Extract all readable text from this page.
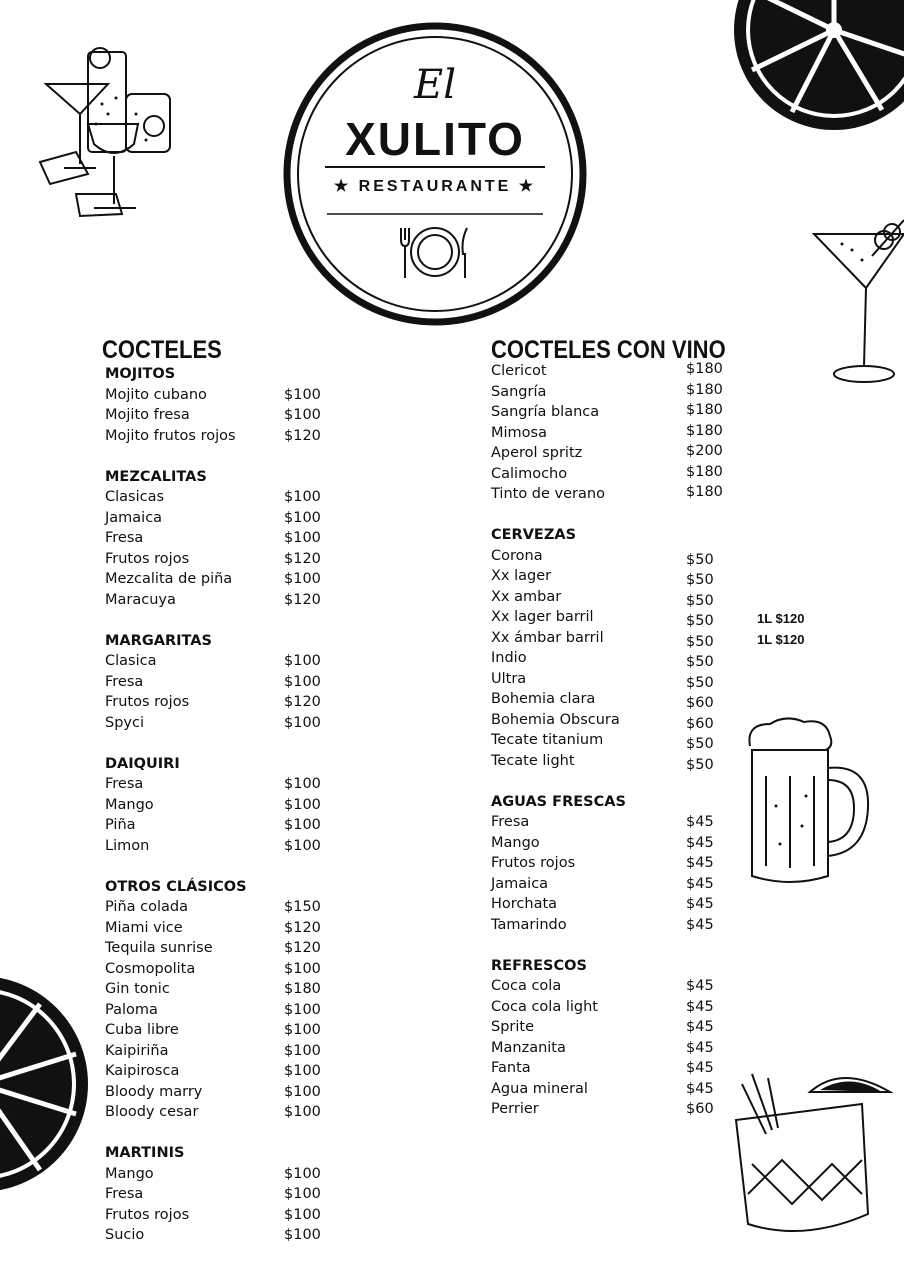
El
XULITO
★ RESTAURANTE ★
COCTELES	COCTELES CON VINO
MOJITOS
Mojito cubano	$100
Mojito fresa	$100
Mojito frutos rojos	$120
MEZCALITAS
Clasicas	$100
Jamaica	$100
Fresa	$100
Frutos rojos	$120
Mezcalita de piña	$100
Maracuya	$120
MARGARITAS
Clasica	$100
Fresa	$100
Frutos rojos	$120
Spyci	$100
DAIQUIRI
Fresa	$100
Mango	$100
Piña	$100
Limon	$100
OTROS CLÁSICOS
Piña colada	$150
Miami vice	$120
Tequila sunrise	$120
Cosmopolita	$100
Gin tonic	$180
Paloma	$100
Cuba libre	$100
Kaipiriña	$100
Kaipirosca	$100
Bloody marry	$100
Bloody cesar	$100
MARTINIS
Mango	$100
Fresa	$100
Frutos rojos	$100
Sucio	$100
Clericot	$180
Sangría	$180
Sangría blanca	$180
Mimosa	$180
Aperol spritz	$200
Calimocho	$180
Tinto de verano	$180
CERVEZAS
Corona	$50
Xx lager	$50
Xx ambar	$50
Xx lager barril	$50	1L $120
Xx ámbar barril	$50	1L $120
Indio	$50
Ultra	$50
Bohemia clara	$60
Bohemia Obscura	$60
Tecate titanium	$50
Tecate light	$50
AGUAS FRESCAS
Fresa	$45
Mango	$45
Frutos rojos	$45
Jamaica	$45
Horchata	$45
Tamarindo	$45
REFRESCOS
Coca cola	$45
Coca cola light	$45
Sprite	$45
Manzanita	$45
Fanta	$45
Agua mineral	$45
Perrier	$60
